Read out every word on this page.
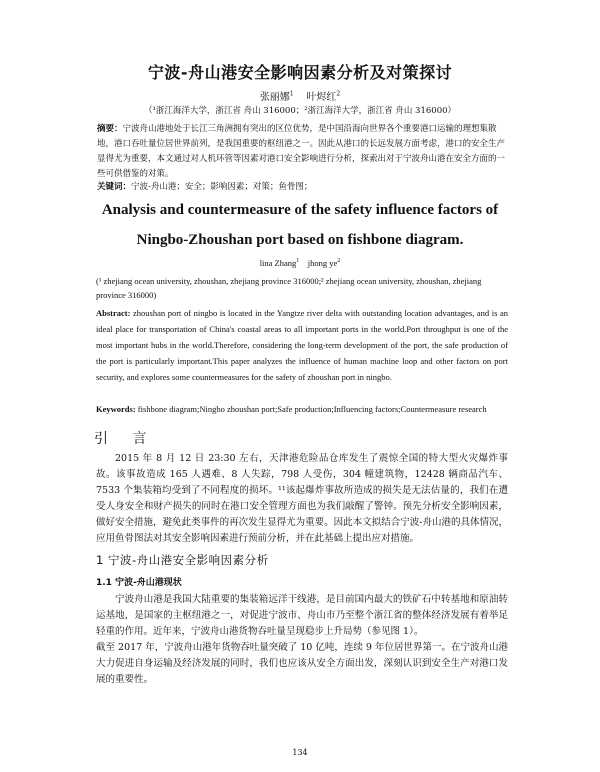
宁波-舟山港安全影响因素分析及对策探讨
张丽娜$^1$ 叶烬红$^2$
（¹浙江海洋大学，浙江省 舟山 316000；²浙江海洋大学，浙江省 舟山 316000）
摘要：宁波舟山港地处于长江三角洲拥有突出的区位优势，是中国沿海向世界各个重要港口运输的理想集散地，港口吞吐量位居世界前列，是我国重要的枢纽港之一。因此从港口的长远发展方面考虑，港口的安全生产显得尤为重要，本文通过对人机环管等因素对港口安全影响进行分析，探索出对于宁波舟山港在安全方面的一些可供借鉴的对策。
关键词：宁波-舟山港；安全；影响因素；对策；鱼骨图；
Analysis and countermeasure of the safety influence factors of
Ningbo-Zhoushan port based on fishbone diagram.
lina Zhang$^1$ jhong $ye^2$
(¹ zhejiang ocean university, zhoushan, zhejiang province 316000;² zhejiang ocean university, zhoushan, zhejiang province 316000)
Abstract: zhoushan port of ningbo is located in the Yangtze river delta with outstanding location advantages, and is an ideal place for transportation of China's coastal areas to all important ports in the world.Port throughput is one of the most important hubs in the world.Therefore, considering the long-term development of the port, the safe production of the port is particularly important.This paper analyzes the influence of human machine loop and other factors on port security, and explores some countermeasures for the safety of zhoushan port in ningbo.
Keywords: fishbone diagram;Ningbo zhoushan port;Safe production;Influencing factors;Countermeasure research
引 言
2015 年 8 月 12 日 23:30 左右，天津港危险品仓库发生了震惊全国的特大型火灾爆炸事故。该事故造成 165 人遇难、8 人失踪，798 人受伤，304 幢建筑物，12428 辆商品汽车、7533 个集装箱均受到了不同程度的损坏。¹¹该起爆炸事故所造成的损失是无法估量的，我们在遭受人身安全和财产损失的同时在港口安全管理方面也为我们敲醒了警钟。预先分析安全影响因素，做好安全措施，避免此类事件的再次发生显得尤为重要。因此本文拟结合宁波-舟山港的具体情况，应用鱼骨图法对其安全影响因素进行预前分析，并在此基础上提出应对措施。
1 宁波-舟山港安全影响因素分析
1.1 宁波-舟山港现状
宁波舟山港是我国大陆重要的集装箱远洋干线港，是目前国内最大的铁矿石中转基地和原油转运基地，是国家的主枢纽港之一，对促进宁波市、舟山市乃至整个浙江省的整体经济发展有着举足轻重的作用。近年来，宁波舟山港货物吞吐量呈现稳步上升局势（参见图 1）。
截至 2017 年，宁波舟山港年货物吞吐量突破了 10 亿吨，连续 9 年位居世界第一。在宁波舟山港大力促进自身运输及经济发展的同时，我们也应该从安全方面出发，深刻认识到安全生产对港口发展的重要性。
134
